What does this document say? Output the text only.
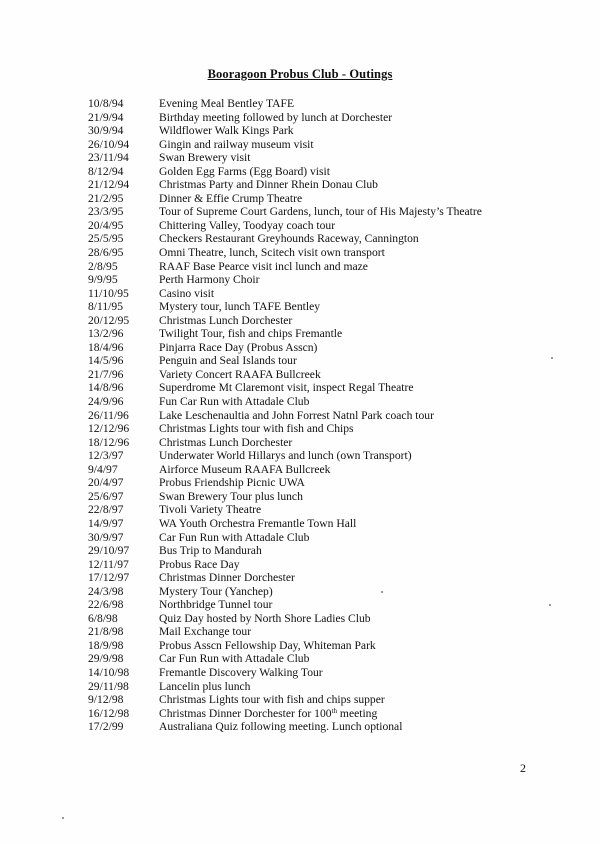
Booragoon Probus Club - Outings
10/8/94	Evening Meal Bentley TAFE
21/9/94	Birthday meeting followed by lunch at Dorchester
30/9/94	Wildflower Walk Kings Park
26/10/94	Gingin and railway museum visit
23/11/94	Swan Brewery visit
8/12/94	Golden Egg Farms (Egg Board) visit
21/12/94	Christmas Party and Dinner Rhein Donau Club
21/2/95	Dinner & Effie Crump Theatre
23/3/95	Tour of Supreme Court Gardens, lunch, tour of His Majesty’s Theatre
20/4/95	Chittering Valley, Toodyay coach tour
25/5/95	Checkers Restaurant Greyhounds Raceway, Cannington
28/6/95	Omni Theatre, lunch, Scitech visit own transport
2/8/95	RAAF Base Pearce visit incl lunch and maze
9/9/95	Perth Harmony Choir
11/10/95	Casino visit
8/11/95	Mystery tour, lunch TAFE Bentley
20/12/95	Christmas Lunch Dorchester
13/2/96	Twilight Tour, fish and chips Fremantle
18/4/96	Pinjarra Race Day (Probus Asscn)
14/5/96	Penguin and Seal Islands tour
21/7/96	Variety Concert RAAFA Bullcreek
14/8/96	Superdrome Mt Claremont visit, inspect Regal Theatre
24/9/96	Fun Car Run with Attadale Club
26/11/96	Lake Leschenaultia and John Forrest Natnl Park coach tour
12/12/96	Christmas Lights tour with fish and Chips
18/12/96	Christmas Lunch Dorchester
12/3/97	Underwater World Hillarys and lunch (own Transport)
9/4/97	Airforce Museum RAAFA Bullcreek
20/4/97	Probus Friendship Picnic UWA
25/6/97	Swan Brewery Tour plus lunch
22/8/97	Tivoli Variety Theatre
14/9/97	WA Youth Orchestra Fremantle Town Hall
30/9/97	Car Fun Run with Attadale Club
29/10/97	Bus Trip to Mandurah
12/11/97	Probus Race Day
17/12/97	Christmas Dinner Dorchester
24/3/98	Mystery Tour (Yanchep)
22/6/98	Northbridge Tunnel tour
6/8/98	Quiz Day hosted by North Shore Ladies Club
21/8/98	Mail Exchange tour
18/9/98	Probus Asscn Fellowship Day, Whiteman Park
29/9/98	Car Fun Run with Attadale Club
14/10/98	Fremantle Discovery Walking Tour
29/11/98	Lancelin plus lunch
9/12/98	Christmas Lights tour with fish and chips supper
16/12/98	Christmas Dinner Dorchester for 100th meeting
17/2/99	Australiana Quiz following meeting. Lunch optional
2
